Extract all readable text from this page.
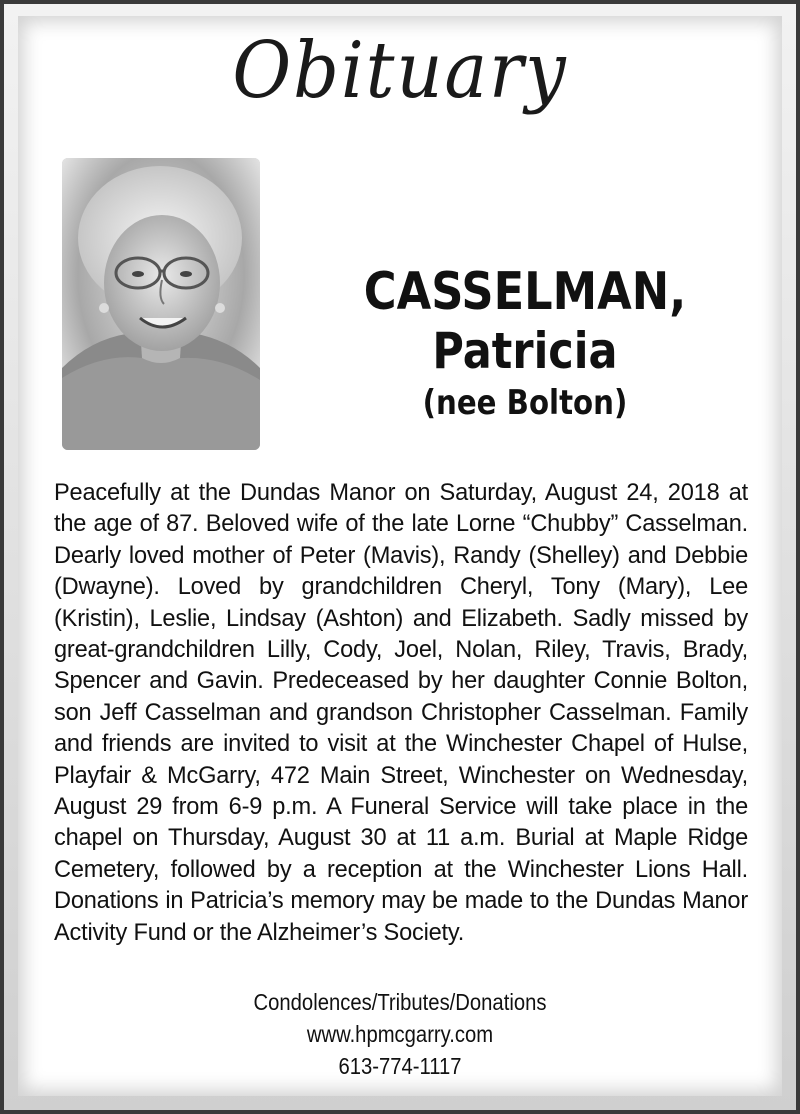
Obituary
CASSELMAN,
Patricia
(nee Bolton)
Peacefully at the Dundas Manor on Saturday, August 24, 2018 at the age of 87. Beloved wife of the late Lorne “Chubby” Casselman. Dearly loved mother of Peter (Mavis), Randy (Shelley) and Debbie (Dwayne). Loved by grandchildren Cheryl, Tony (Mary), Lee (Kristin), Leslie, Lindsay (Ashton) and Elizabeth. Sadly missed by great-grandchildren Lilly, Cody, Joel, Nolan, Riley, Travis, Brady, Spencer and Gavin. Predeceased by her daughter Connie Bolton, son Jeff Casselman and grandson Christopher Casselman. Family and friends are invited to visit at the Winchester Chapel of Hulse, Playfair & McGarry, 472 Main Street, Winchester on Wednesday, August 29 from 6-9 p.m. A Funeral Service will take place in the chapel on Thursday, August 30 at 11 a.m. Burial at Maple Ridge Cemetery, followed by a reception at the Winchester Lions Hall. Donations in Patricia’s memory may be made to the Dundas Manor Activity Fund or the Alzheimer’s Society.
Condolences/Tributes/Donations
www.hpmcgarry.com
613-774-1117
